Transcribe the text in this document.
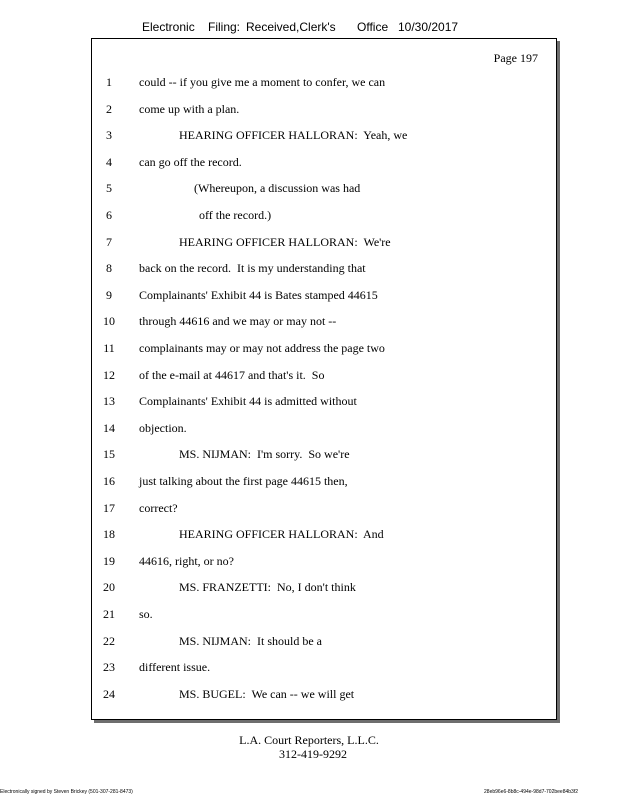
Electronic Filing: Received,Clerk's Office 10/30/2017
Page 197
1	could -- if you give me a moment to confer, we can
2	come up with a plan.
3	HEARING OFFICER HALLORAN:  Yeah, we
4	can go off the record.
5	(Whereupon, a discussion was had
6	off the record.)
7	HEARING OFFICER HALLORAN:  We're
8	back on the record.  It is my understanding that
9	Complainants' Exhibit 44 is Bates stamped 44615
10	through 44616 and we may or may not --
11	complainants may or may not address the page two
12	of the e-mail at 44617 and that's it.  So
13	Complainants' Exhibit 44 is admitted without
14	objection.
15	MS. NIJMAN:  I'm sorry.  So we're
16	just talking about the first page 44615 then,
17	correct?
18	HEARING OFFICER HALLORAN:  And
19	44616, right, or no?
20	MS. FRANZETTI:  No, I don't think
21	so.
22	MS. NIJMAN:  It should be a
23	different issue.
24	MS. BUGEL:  We can -- we will get
L.A. Court Reporters, L.L.C.
312-419-9292
Electronically signed by Steven Brickey (501-307-281-8473)	28eb96e6-8b8c-494e-98d7-702bee84b3f2
